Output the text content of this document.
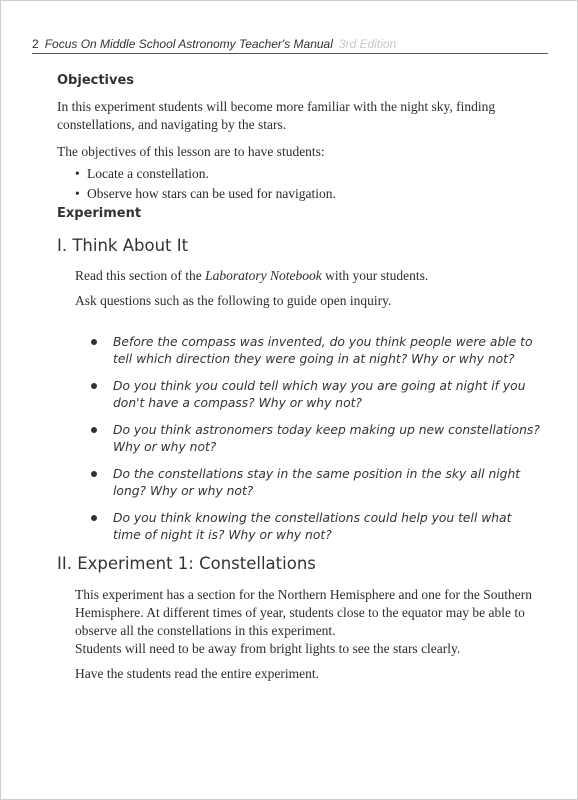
2 Focus On Middle School Astronomy Teacher's Manual 3rd Edition
Objectives

In this experiment students will become more familiar with the night sky, finding constellations, and navigating by the stars.

The objectives of this lesson are to have students:

• Locate a constellation.
• Observe how stars can be used for navigation.
Experiment
I. Think About It

Read this section of the Laboratory Notebook with your students.

Ask questions such as the following to guide open inquiry.

Before the compass was invented, do you think people were able to tell which direction they were going in at night? Why or why not?
Do you think you could tell which way you are going at night if you don't have a compass? Why or why not?
Do you think astronomers today keep making up new constellations? Why or why not?
Do the constellations stay in the same position in the sky all night long? Why or why not?
Do you think knowing the constellations could help you tell what time of night it is? Why or why not?
II. Experiment 1: Constellations

This experiment has a section for the Northern Hemisphere and one for the Southern Hemisphere. At different times of year, students close to the equator may be able to observe all the constellations in this experiment.

Students will need to be away from bright lights to see the stars clearly.

Have the students read the entire experiment.
